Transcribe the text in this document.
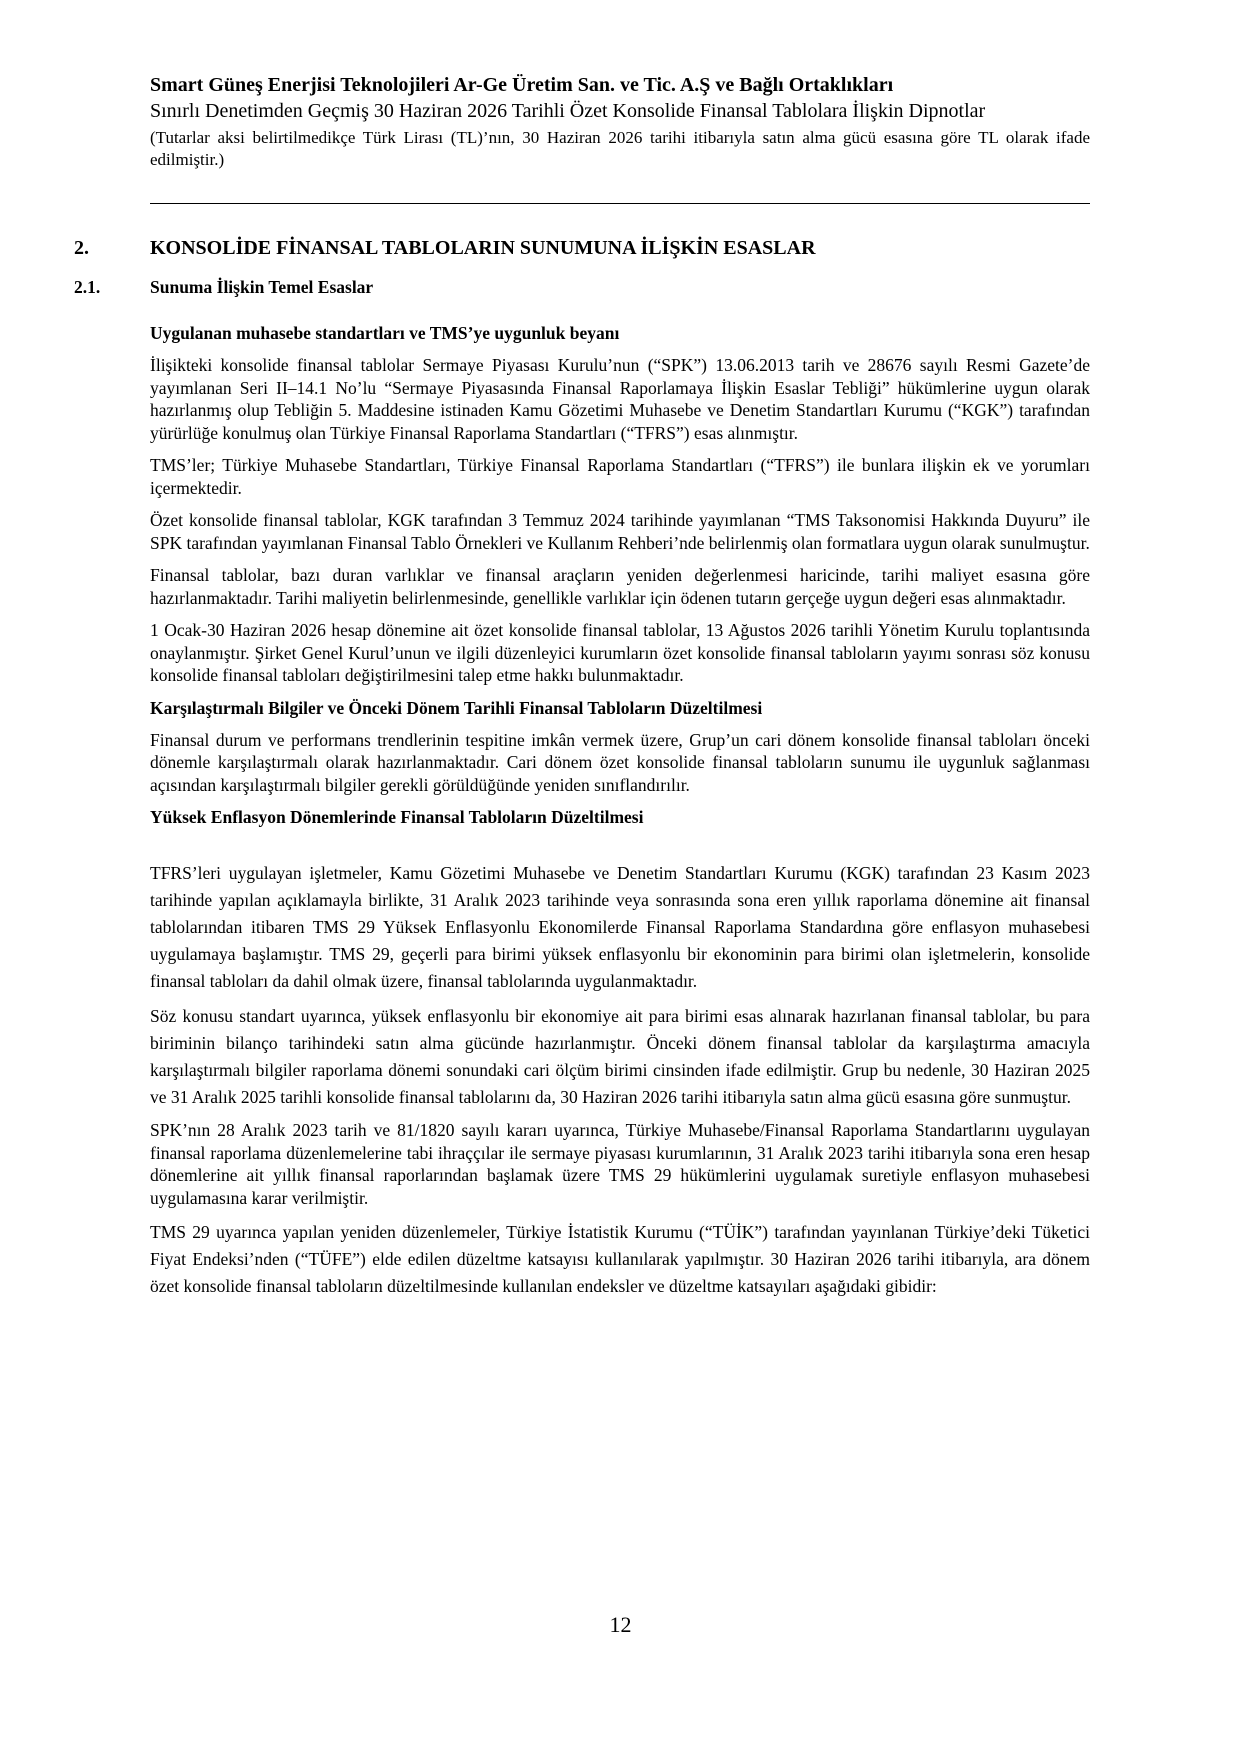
Smart Güneş Enerjisi Teknolojileri Ar-Ge Üretim San. ve Tic. A.Ş ve Bağlı Ortaklıkları
Sınırlı Denetimden Geçmiş 30 Haziran 2026 Tarihli Özet Konsolide Finansal Tablolara İlişkin Dipnotlar
(Tutarlar aksi belirtilmedikçe Türk Lirası (TL)’nın, 30 Haziran 2026 tarihi itibarıyla satın alma gücü esasına göre TL olarak ifade edilmiştir.)
2.	KONSOLİDE FİNANSAL TABLOLARIN SUNUMUNA İLİŞKİN ESASLAR
2.1.	Sunuma İlişkin Temel Esaslar
Uygulanan muhasebe standartları ve TMS’ye uygunluk beyanı

İlişikteki konsolide finansal tablolar Sermaye Piyasası Kurulu’nun (“SPK”) 13.06.2013 tarih ve 28676 sayılı Resmi Gazete’de yayımlanan Seri II–14.1 No’lu “Sermaye Piyasasında Finansal Raporlamaya İlişkin Esaslar Tebliği” hükümlerine uygun olarak hazırlanmış olup Tebliğin 5. Maddesine istinaden Kamu Gözetimi Muhasebe ve Denetim Standartları Kurumu (“KGK”) tarafından yürürlüğe konulmuş olan Türkiye Finansal Raporlama Standartları (“TFRS”) esas alınmıştır.

TMS’ler; Türkiye Muhasebe Standartları, Türkiye Finansal Raporlama Standartları (“TFRS”) ile bunlara ilişkin ek ve yorumları içermektedir.

Özet konsolide finansal tablolar, KGK tarafından 3 Temmuz 2024 tarihinde yayımlanan “TMS Taksonomisi Hakkında Duyuru” ile SPK tarafından yayımlanan Finansal Tablo Örnekleri ve Kullanım Rehberi’nde belirlenmiş olan formatlara uygun olarak sunulmuştur.

Finansal tablolar, bazı duran varlıklar ve finansal araçların yeniden değerlenmesi haricinde, tarihi maliyet esasına göre hazırlanmaktadır. Tarihi maliyetin belirlenmesinde, genellikle varlıklar için ödenen tutarın gerçeğe uygun değeri esas alınmaktadır.

1 Ocak-30 Haziran 2026 hesap dönemine ait özet konsolide finansal tablolar, 13 Ağustos 2026 tarihli Yönetim Kurulu toplantısında onaylanmıştır. Şirket Genel Kurul’unun ve ilgili düzenleyici kurumların özet konsolide finansal tabloların yayımı sonrası söz konusu konsolide finansal tabloları değiştirilmesini talep etme hakkı bulunmaktadır.

Karşılaştırmalı Bilgiler ve Önceki Dönem Tarihli Finansal Tabloların Düzeltilmesi

Finansal durum ve performans trendlerinin tespitine imkân vermek üzere, Grup’un cari dönem konsolide finansal tabloları önceki dönemle karşılaştırmalı olarak hazırlanmaktadır. Cari dönem özet konsolide finansal tabloların sunumu ile uygunluk sağlanması açısından karşılaştırmalı bilgiler gerekli görüldüğünde yeniden sınıflandırılır.

Yüksek Enflasyon Dönemlerinde Finansal Tabloların Düzeltilmesi

TFRS’leri uygulayan işletmeler, Kamu Gözetimi Muhasebe ve Denetim Standartları Kurumu (KGK) tarafından 23 Kasım 2023 tarihinde yapılan açıklamayla birlikte, 31 Aralık 2023 tarihinde veya sonrasında sona eren yıllık raporlama dönemine ait finansal tablolarından itibaren TMS 29 Yüksek Enflasyonlu Ekonomilerde Finansal Raporlama Standardına göre enflasyon muhasebesi uygulamaya başlamıştır. TMS 29, geçerli para birimi yüksek enflasyonlu bir ekonominin para birimi olan işletmelerin, konsolide finansal tabloları da dahil olmak üzere, finansal tablolarında uygulanmaktadır.

Söz konusu standart uyarınca, yüksek enflasyonlu bir ekonomiye ait para birimi esas alınarak hazırlanan finansal tablolar, bu para biriminin bilanço tarihindeki satın alma gücünde hazırlanmıştır. Önceki dönem finansal tablolar da karşılaştırma amacıyla karşılaştırmalı bilgiler raporlama dönemi sonundaki cari ölçüm birimi cinsinden ifade edilmiştir. Grup bu nedenle, 30 Haziran 2025 ve 31 Aralık 2025 tarihli konsolide finansal tablolarını da, 30 Haziran 2026 tarihi itibarıyla satın alma gücü esasına göre sunmuştur.

SPK’nın 28 Aralık 2023 tarih ve 81/1820 sayılı kararı uyarınca, Türkiye Muhasebe/Finansal Raporlama Standartlarını uygulayan finansal raporlama düzenlemelerine tabi ihraççılar ile sermaye piyasası kurumlarının, 31 Aralık 2023 tarihi itibarıyla sona eren hesap dönemlerine ait yıllık finansal raporlarından başlamak üzere TMS 29 hükümlerini uygulamak suretiyle enflasyon muhasebesi uygulamasına karar verilmiştir.

TMS 29 uyarınca yapılan yeniden düzenlemeler, Türkiye İstatistik Kurumu (“TÜİK”) tarafından yayınlanan Türkiye’deki Tüketici Fiyat Endeksi’nden (“TÜFE”) elde edilen düzeltme katsayısı kullanılarak yapılmıştır. 30 Haziran 2026 tarihi itibarıyla, ara dönem özet konsolide finansal tabloların düzeltilmesinde kullanılan endeksler ve düzeltme katsayıları aşağıdaki gibidir:

12
